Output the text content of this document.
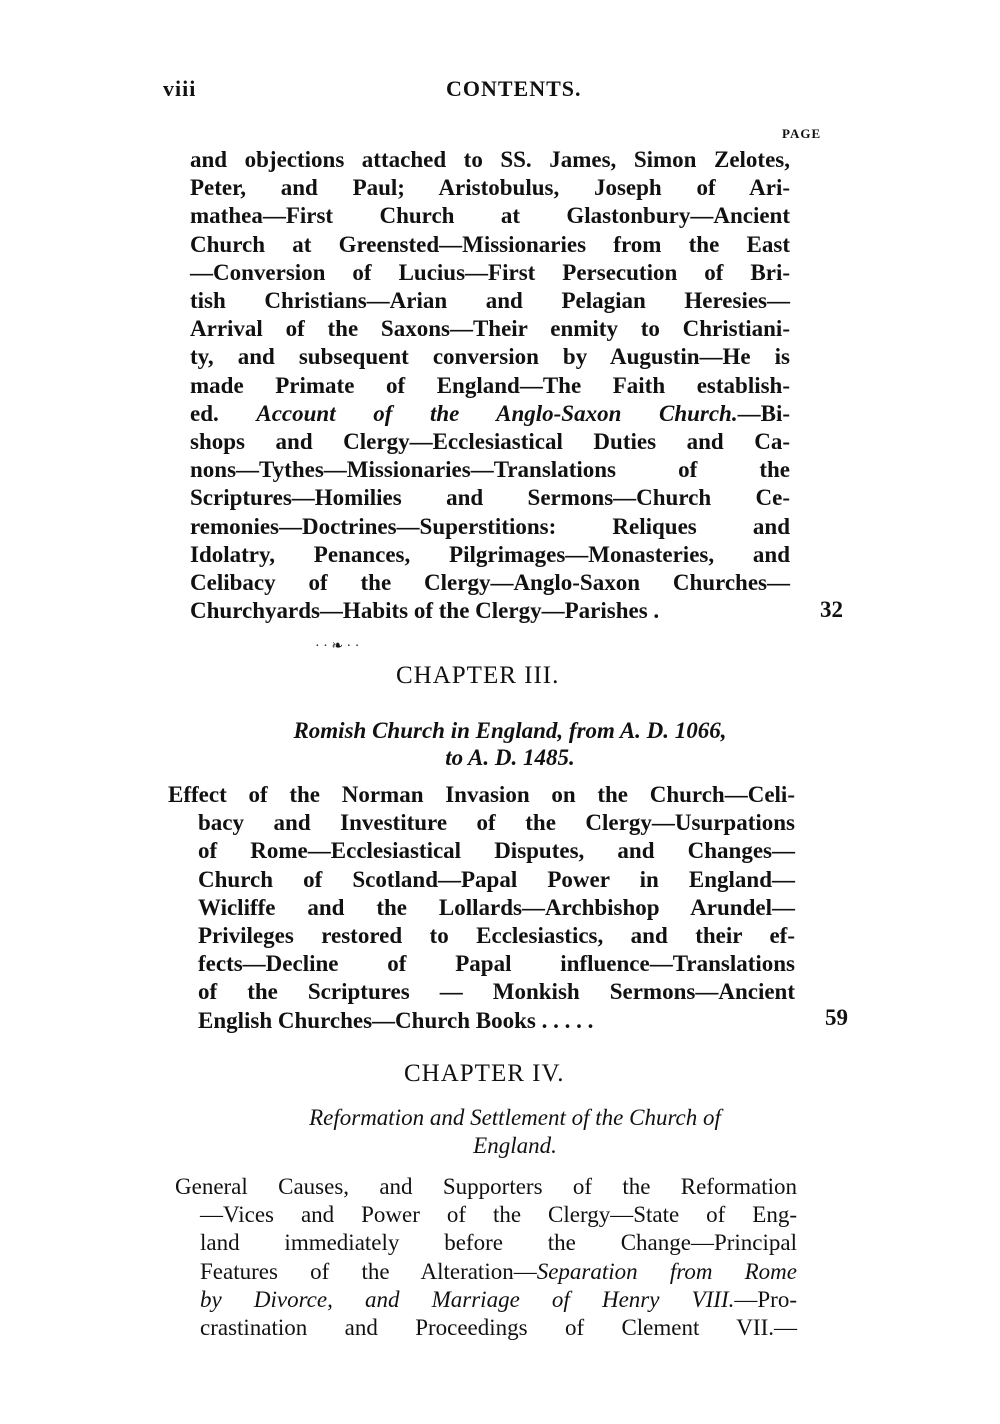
viii	CONTENTS.
PAGE
and objections attached to SS. James, Simon Zelotes,
Peter, and Paul; Aristobulus, Joseph of Ari-
mathea—First Church at Glastonbury—Ancient
Church at Greensted—Missionaries from the East
—Conversion of Lucius—First Persecution of Bri-
tish Christians—Arian and Pelagian Heresies—
Arrival of the Saxons—Their enmity to Christiani-
ty, and subsequent conversion by Augustin—He is
made Primate of England—The Faith establish-
ed. Account of the Anglo-Saxon Church.—Bi-
shops and Clergy—Ecclesiastical Duties and Ca-
nons—Tythes—Missionaries—Translations of the
Scriptures—Homilies and Sermons—Church Ce-
remonies—Doctrines—Superstitions: Reliques and
Idolatry, Penances, Pilgrimages—Monasteries, and
Celibacy of the Clergy—Anglo-Saxon Churches—
Churchyards—Habits of the Clergy—Parishes .	32
· · ❧ · ·
CHAPTER III.
Romish Church in England, from A. D. 1066,
to A. D. 1485.
Effect of the Norman Invasion on the Church—Celi-
bacy and Investiture of the Clergy—Usurpations
of Rome—Ecclesiastical Disputes, and Changes—
Church of Scotland—Papal Power in England—
Wicliffe and the Lollards—Archbishop Arundel—
Privileges restored to Ecclesiastics, and their ef-
fects—Decline of Papal influence—Translations
of the Scriptures — Monkish Sermons—Ancient
English Churches—Church Books . . . . .	59
CHAPTER IV.
Reformation and Settlement of the Church of
England.
General Causes, and Supporters of the Reformation
—Vices and Power of the Clergy—State of Eng-
land immediately before the Change—Principal
Features of the Alteration—Separation from Rome
by Divorce, and Marriage of Henry VIII.—Pro-
crastination and Proceedings of Clement VII.—
